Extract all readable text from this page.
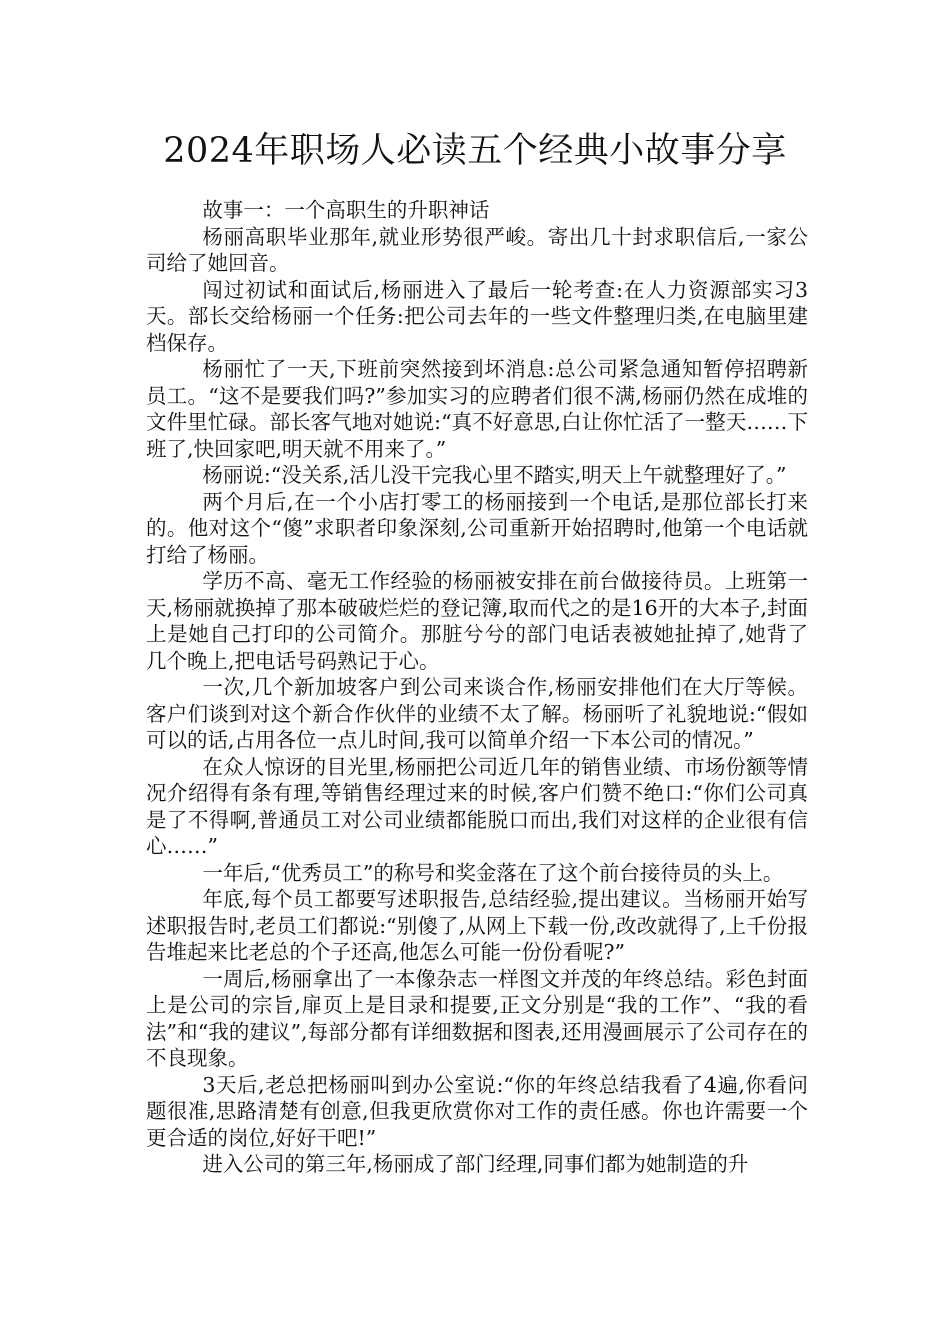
2024年职场人必读五个经典小故事分享

故事一：一个高职生的升职神话

杨丽高职毕业那年,就业形势很严峻。寄出几十封求职信后,一家公司给了她回音。

闯过初试和面试后,杨丽进入了最后一轮考查:在人力资源部实习3天。部长交给杨丽一个任务:把公司去年的一些文件整理归类,在电脑里建档保存。

杨丽忙了一天,下班前突然接到坏消息:总公司紧急通知暂停招聘新员工。“这不是要我们吗?”参加实习的应聘者们很不满,杨丽仍然在成堆的文件里忙碌。部长客气地对她说:“真不好意思,白让你忙活了一整天……下班了,快回家吧,明天就不用来了。”

杨丽说:“没关系,活儿没干完我心里不踏实,明天上午就整理好了。”

两个月后,在一个小店打零工的杨丽接到一个电话,是那位部长打来的。他对这个“傻”求职者印象深刻,公司重新开始招聘时,他第一个电话就打给了杨丽。

学历不高、毫无工作经验的杨丽被安排在前台做接待员。上班第一天,杨丽就换掉了那本破破烂烂的登记簿,取而代之的是16开的大本子,封面上是她自己打印的公司简介。那脏兮兮的部门电话表被她扯掉了,她背了几个晚上,把电话号码熟记于心。

一次,几个新加坡客户到公司来谈合作,杨丽安排他们在大厅等候。客户们谈到对这个新合作伙伴的业绩不太了解。杨丽听了礼貌地说:“假如可以的话,占用各位一点儿时间,我可以简单介绍一下本公司的情况。”

在众人惊讶的目光里,杨丽把公司近几年的销售业绩、市场份额等情况介绍得有条有理,等销售经理过来的时候,客户们赞不绝口:“你们公司真是了不得啊,普通员工对公司业绩都能脱口而出,我们对这样的企业很有信心……”

一年后,“优秀员工”的称号和奖金落在了这个前台接待员的头上。

年底,每个员工都要写述职报告,总结经验,提出建议。当杨丽开始写述职报告时,老员工们都说:“别傻了,从网上下载一份,改改就得了,上千份报告堆起来比老总的个子还高,他怎么可能一份份看呢?”

一周后,杨丽拿出了一本像杂志一样图文并茂的年终总结。彩色封面上是公司的宗旨,扉页上是目录和提要,正文分别是“我的工作”、“我的看法”和“我的建议”,每部分都有详细数据和图表,还用漫画展示了公司存在的不良现象。

3天后,老总把杨丽叫到办公室说:“你的年终总结我看了4遍,你看问题很准,思路清楚有创意,但我更欣赏你对工作的责任感。你也许需要一个更合适的岗位,好好干吧!”

进入公司的第三年,杨丽成了部门经理,同事们都为她制造的升
